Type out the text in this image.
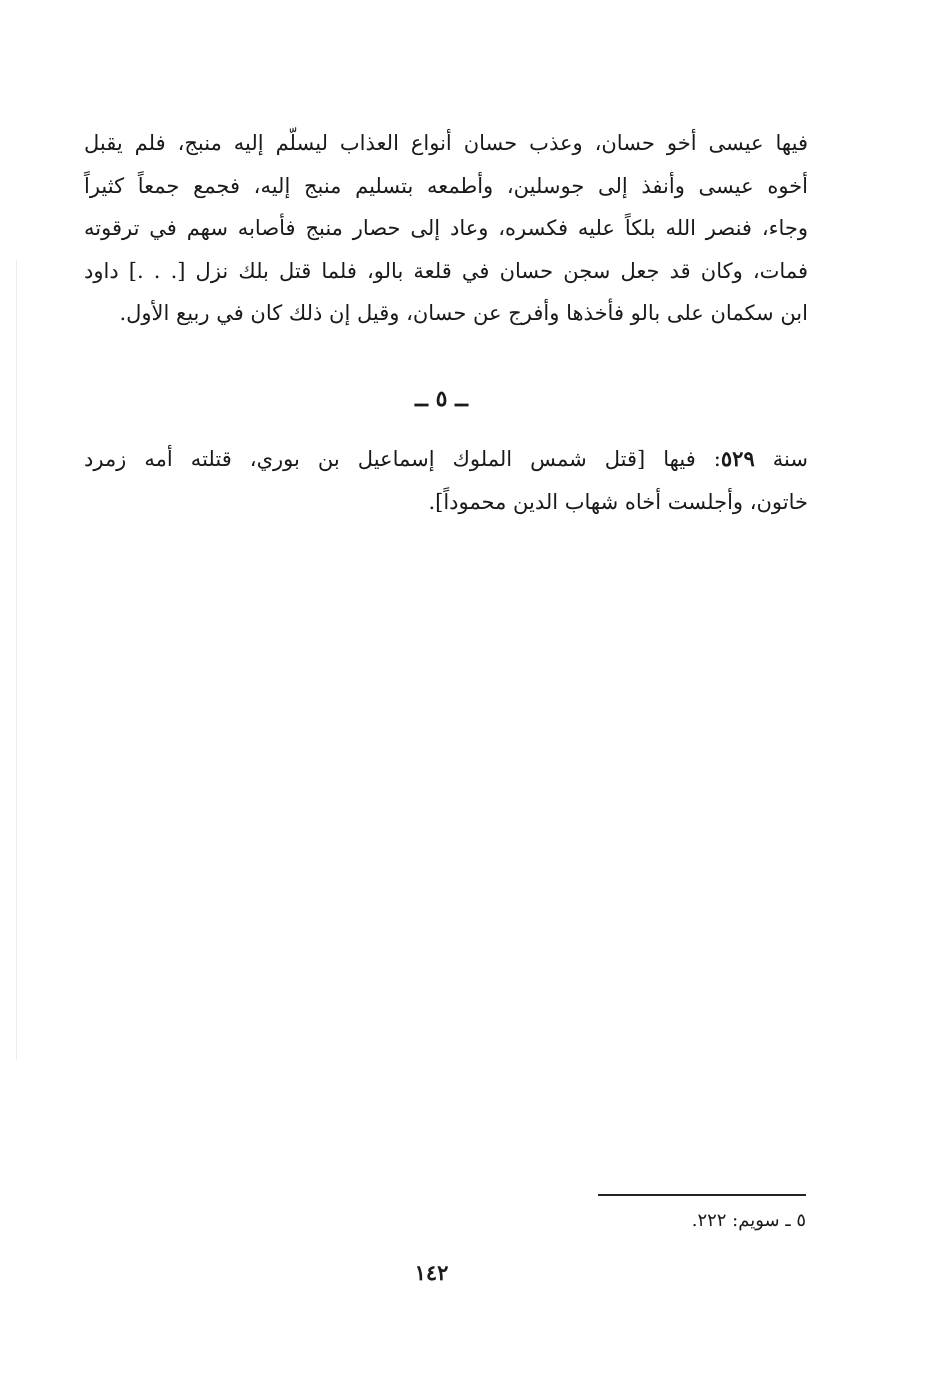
فيها عيسى أخو حسان، وعذب حسان أنواع العذاب ليسلّم إليه منبج، فلم يقبل
أخوه عيسى وأنفذ إلى جوسلين، وأطمعه بتسليم منبج إليه، فجمع جمعاً كثيراً
وجاء، فنصر الله بلكاً عليه فكسره، وعاد إلى حصار منبج فأصابه سهم في ترقوته
فمات، وكان قد جعل سجن حسان في قلعة بالو، فلما قتل بلك نزل [. . .] داود
ابن سكمان على بالو فأخذها وأفرج عن حسان، وقيل إن ذلك كان في ربيع الأول.
ــ ٥ ــ
سنة ٥٢٩: فيها [قتل شمس الملوك إسماعيل بن بوري، قتلته أمه زمرد
خاتون، وأجلست أخاه شهاب الدين محموداً].
٥ ـ سويم: ٢٢٢.
١٤٢
